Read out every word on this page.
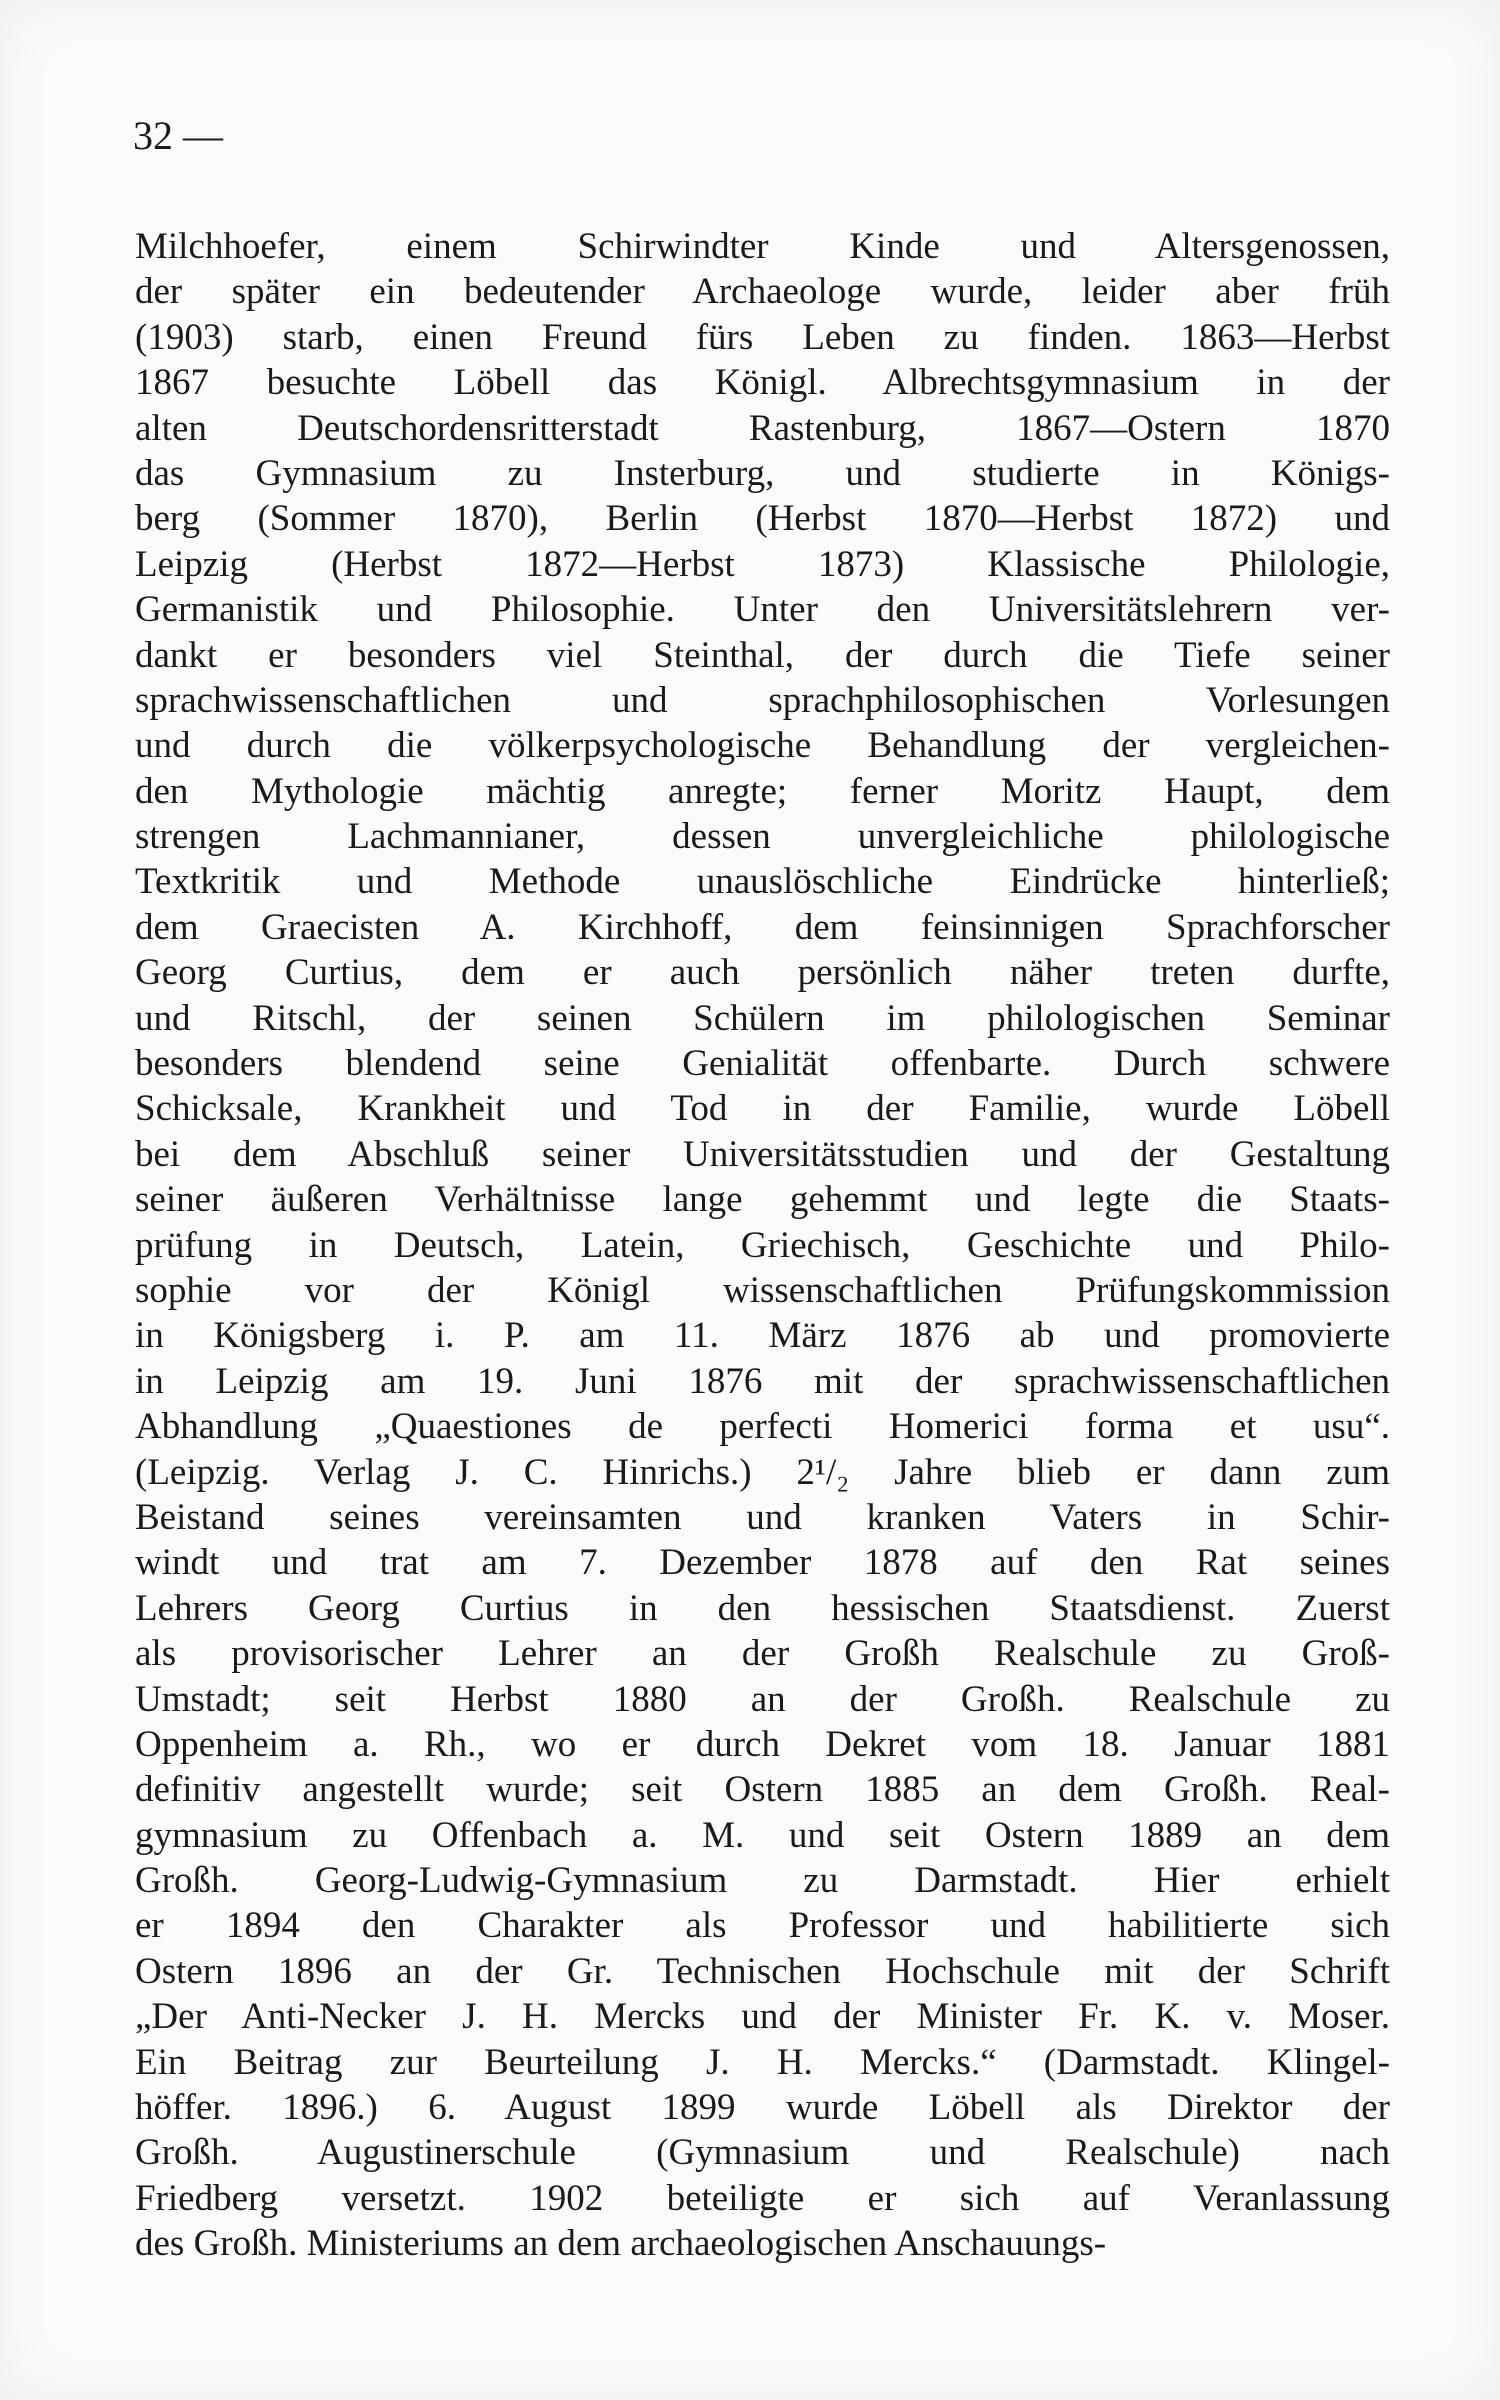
32 —
Milchhoefer, einem Schirwindter Kinde und Altersgenossen,
der später ein bedeutender Archaeologe wurde, leider aber früh
(1903) starb, einen Freund fürs Leben zu finden. 1863—Herbst
1867 besuchte Löbell das Königl. Albrechtsgymnasium in der
alten Deutschordensritterstadt Rastenburg, 1867—Ostern 1870
das Gymnasium zu Insterburg, und studierte in Königs-
berg (Sommer 1870), Berlin (Herbst 1870—Herbst 1872) und
Leipzig (Herbst 1872—Herbst 1873) Klassische Philologie,
Germanistik und Philosophie. Unter den Universitätslehrern ver-
dankt er besonders viel Steinthal, der durch die Tiefe seiner
sprachwissenschaftlichen und sprachphilosophischen Vorlesungen
und durch die völkerpsychologische Behandlung der vergleichen-
den Mythologie mächtig anregte; ferner Moritz Haupt, dem
strengen Lachmannianer, dessen unvergleichliche philologische
Textkritik und Methode unauslöschliche Eindrücke hinterließ;
dem Graecisten A. Kirchhoff, dem feinsinnigen Sprachforscher
Georg Curtius, dem er auch persönlich näher treten durfte,
und Ritschl, der seinen Schülern im philologischen Seminar
besonders blendend seine Genialität offenbarte. Durch schwere
Schicksale, Krankheit und Tod in der Familie, wurde Löbell
bei dem Abschluß seiner Universitätsstudien und der Gestaltung
seiner äußeren Verhältnisse lange gehemmt und legte die Staats-
prüfung in Deutsch, Latein, Griechisch, Geschichte und Philo-
sophie vor der Königl wissenschaftlichen Prüfungskommission
in Königsberg i. P. am 11. März 1876 ab und promovierte
in Leipzig am 19. Juni 1876 mit der sprachwissenschaftlichen
Abhandlung „Quaestiones de perfecti Homerici forma et usu“.
(Leipzig. Verlag J. C. Hinrichs.) 2¹/₂ Jahre blieb er dann zum
Beistand seines vereinsamten und kranken Vaters in Schir-
windt und trat am 7. Dezember 1878 auf den Rat seines
Lehrers Georg Curtius in den hessischen Staatsdienst. Zuerst
als provisorischer Lehrer an der Großh Realschule zu Groß-
Umstadt; seit Herbst 1880 an der Großh. Realschule zu
Oppenheim a. Rh., wo er durch Dekret vom 18. Januar 1881
definitiv angestellt wurde; seit Ostern 1885 an dem Großh. Real-
gymnasium zu Offenbach a. M. und seit Ostern 1889 an dem
Großh. Georg-Ludwig-Gymnasium zu Darmstadt. Hier erhielt
er 1894 den Charakter als Professor und habilitierte sich
Ostern 1896 an der Gr. Technischen Hochschule mit der Schrift
„Der Anti-Necker J. H. Mercks und der Minister Fr. K. v. Moser.
Ein Beitrag zur Beurteilung J. H. Mercks.“ (Darmstadt. Klingel-
höffer. 1896.) 6. August 1899 wurde Löbell als Direktor der
Großh. Augustinerschule (Gymnasium und Realschule) nach
Friedberg versetzt. 1902 beteiligte er sich auf Veranlassung
des Großh. Ministeriums an dem archaeologischen Anschauungs-
